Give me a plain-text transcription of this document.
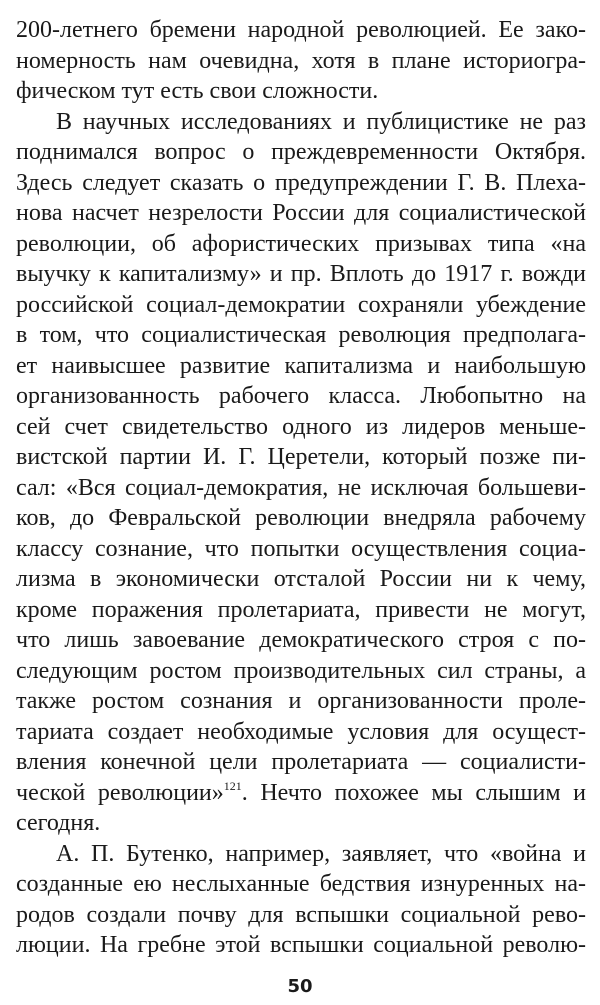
200-летнего бремени народной революцией. Ее зако-
номерность нам очевидна, хотя в плане историогра-
фическом тут есть свои сложности.
В научных исследованиях и публицистике не раз
поднимался вопрос о преждевременности Октября.
Здесь следует сказать о предупреждении Г. В. Плеха-
нова насчет незрелости России для социалистической
революции, об афористических призывах типа «на
выучку к капитализму» и пр. Вплоть до 1917 г. вожди
российской социал-демократии сохраняли убеждение
в том, что социалистическая революция предполага-
ет наивысшее развитие капитализма и наибольшую
организованность рабочего класса. Любопытно на
сей счет свидетельство одного из лидеров меньше-
вистской партии И. Г. Церетели, который позже пи-
сал: «Вся социал-демократия, не исключая большеви-
ков, до Февральской революции внедряла рабочему
классу сознание, что попытки осуществления социа-
лизма в экономически отсталой России ни к чему,
кроме поражения пролетариата, привести не могут,
что лишь завоевание демократического строя с по-
следующим ростом производительных сил страны, а
также ростом сознания и организованности проле-
тариата создает необходимые условия для осущест-
вления конечной цели пролетариата — социалисти-
ческой революции»$^{121}$. Нечто похожее мы слышим и
сегодня.
А. П. Бутенко, например, заявляет, что «война и
созданные ею неслыханные бедствия изнуренных на-
родов создали почву для вспышки социальной рево-
люции. На гребне этой вспышки социальной револю-
50
